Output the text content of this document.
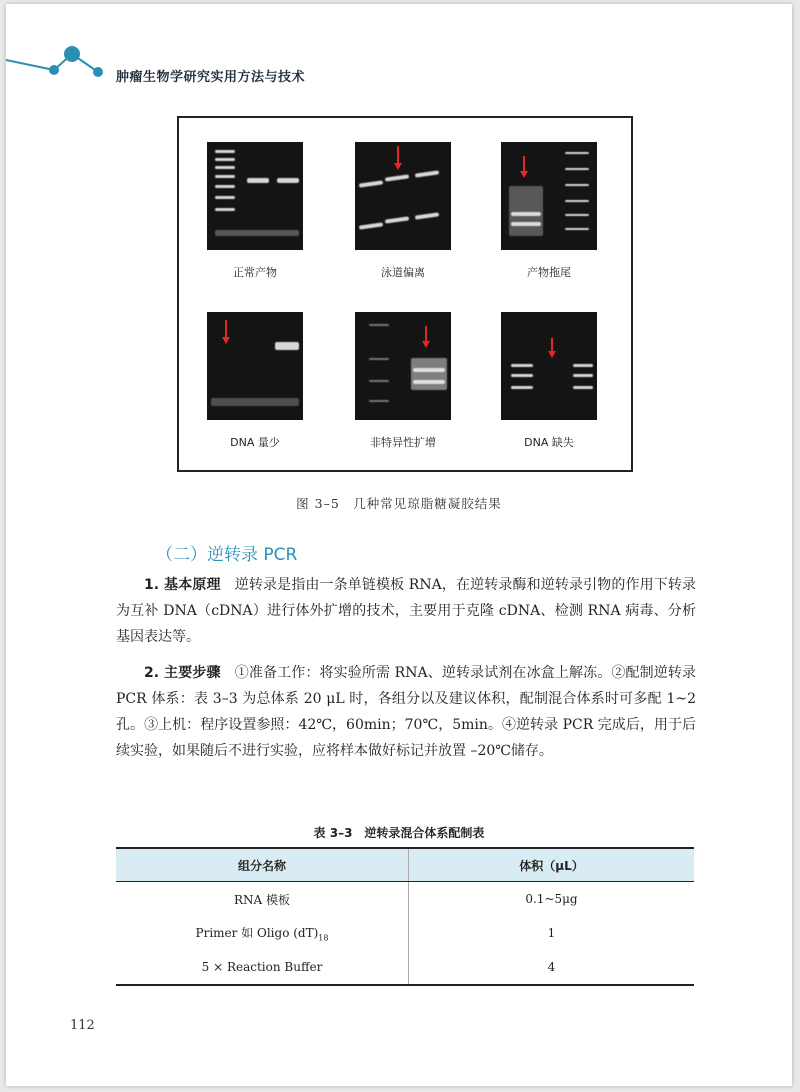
肿瘤生物学研究实用方法与技术
正常产物	泳道偏离	产物拖尾
DNA 量少	非特异性扩增	DNA 缺失
图 3–5　几种常见琼脂糖凝胶结果
（二）逆转录 PCR
1. 基本原理　逆转录是指由一条单链模板 RNA，在逆转录酶和逆转录引物的作用下转录为互补 DNA（cDNA）进行体外扩增的技术，主要用于克隆 cDNA、检测 RNA 病毒、分析基因表达等。
2. 主要步骤　①准备工作：将实验所需 RNA、逆转录试剂在冰盒上解冻。②配制逆转录 PCR 体系：表 3–3 为总体系 20 μL 时，各组分以及建议体积，配制混合体系时可多配 1~2 孔。③上机：程序设置参照：42℃，60min；70℃，5min。④逆转录 PCR 完成后，用于后续实验，如果随后不进行实验，应将样本做好标记并放置 –20℃储存。
表 3–3　逆转录混合体系配制表
组分名称	体积（μL）
RNA 模板	0.1~5μg
Primer 如 Oligo $(dT)_{18}$	1
5 × Reaction Buffer	4
112
